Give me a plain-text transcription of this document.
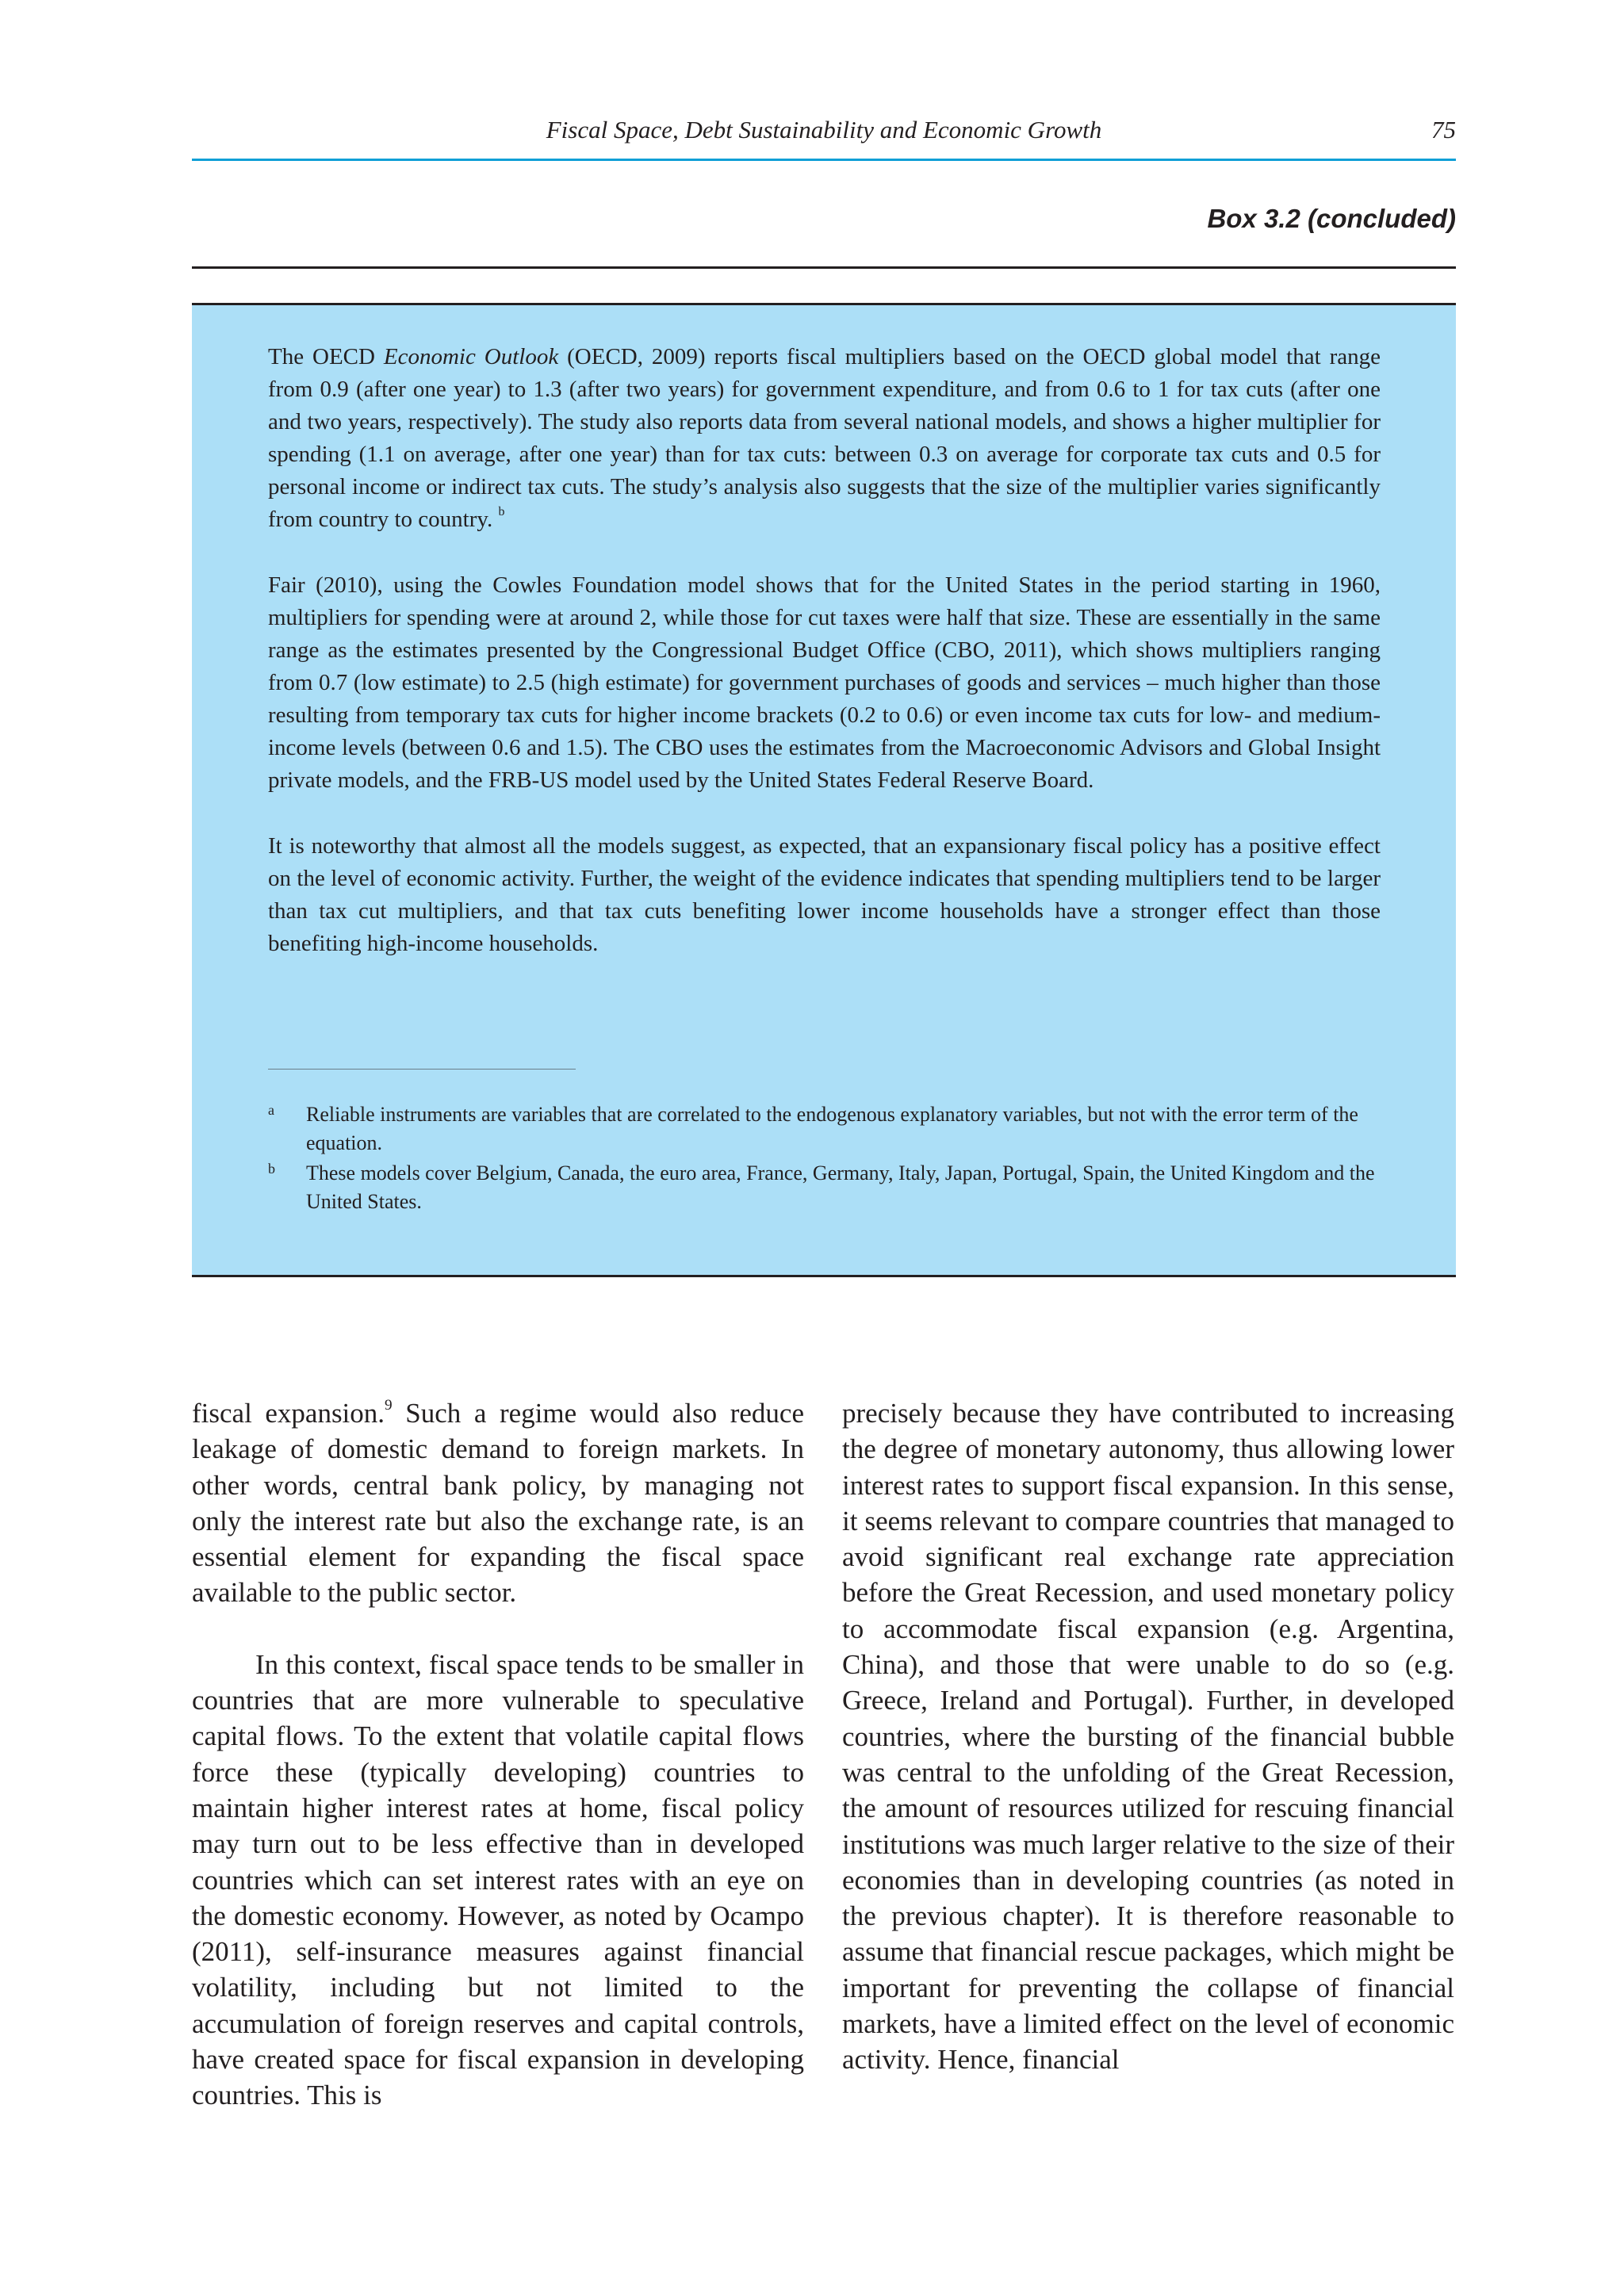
Fiscal Space, Debt Sustainability and Economic Growth	75
Box 3.2 (concluded)

The OECD Economic Outlook (OECD, 2009) reports fiscal multipliers based on the OECD global model that range from 0.9 (after one year) to 1.3 (after two years) for government expenditure, and from 0.6 to 1 for tax cuts (after one and two years, respectively). The study also reports data from several national models, and shows a higher multiplier for spending (1.1 on average, after one year) than for tax cuts: between 0.3 on average for corporate tax cuts and 0.5 for personal income or indirect tax cuts. The study’s analysis also suggests that the size of the multiplier varies significantly from country to country. $^b$

Fair (2010), using the Cowles Foundation model shows that for the United States in the period starting in 1960, multipliers for spending were at around 2, while those for cut taxes were half that size. These are essentially in the same range as the estimates presented by the Congressional Budget Office (CBO, 2011), which shows multipliers ranging from 0.7 (low estimate) to 2.5 (high estimate) for government purchases of goods and services – much higher than those resulting from temporary tax cuts for higher income brackets (0.2 to 0.6) or even income tax cuts for low- and medium-income levels (between 0.6 and 1.5). The CBO uses the estimates from the Macroeconomic Advisors and Global Insight private models, and the FRB-US model used by the United States Federal Reserve Board.

It is noteworthy that almost all the models suggest, as expected, that an expansionary fiscal policy has a positive effect on the level of economic activity. Further, the weight of the evidence indicates that spending multipliers tend to be larger than tax cut multipliers, and that tax cuts benefiting lower income households have a stronger effect than those benefiting high-income households.

a Reliable instruments are variables that are correlated to the endogenous explanatory variables, but not with the error term of the equation.
b These models cover Belgium, Canada, the euro area, France, Germany, Italy, Japan, Portugal, Spain, the United Kingdom and the United States.

fiscal expansion.$^9$ Such a regime would also reduce leakage of domestic demand to foreign markets. In other words, central bank policy, by managing not only the interest rate but also the exchange rate, is an essential element for expanding the fiscal space available to the public sector.

In this context, fiscal space tends to be smaller in countries that are more vulnerable to speculative capital flows. To the extent that volatile capital flows force these (typically developing) countries to maintain higher interest rates at home, fiscal policy may turn out to be less effective than in developed countries which can set interest rates with an eye on the domestic economy. However, as noted by Ocampo (2011), self-insurance measures against financial volatility, including but not limited to the accumulation of foreign reserves and capital controls, have created space for fiscal expansion in developing countries. This is

precisely because they have contributed to increasing the degree of monetary autonomy, thus allowing lower interest rates to support fiscal expansion. In this sense, it seems relevant to compare countries that managed to avoid significant real exchange rate appreciation before the Great Recession, and used monetary policy to accommodate fiscal expansion (e.g. Argentina, China), and those that were unable to do so (e.g. Greece, Ireland and Portugal). Further, in developed countries, where the bursting of the financial bubble was central to the unfolding of the Great Recession, the amount of resources utilized for rescuing financial institutions was much larger relative to the size of their economies than in developing countries (as noted in the previous chapter). It is therefore reasonable to assume that financial rescue packages, which might be important for preventing the collapse of financial markets, have a limited effect on the level of economic activity. Hence, financial
